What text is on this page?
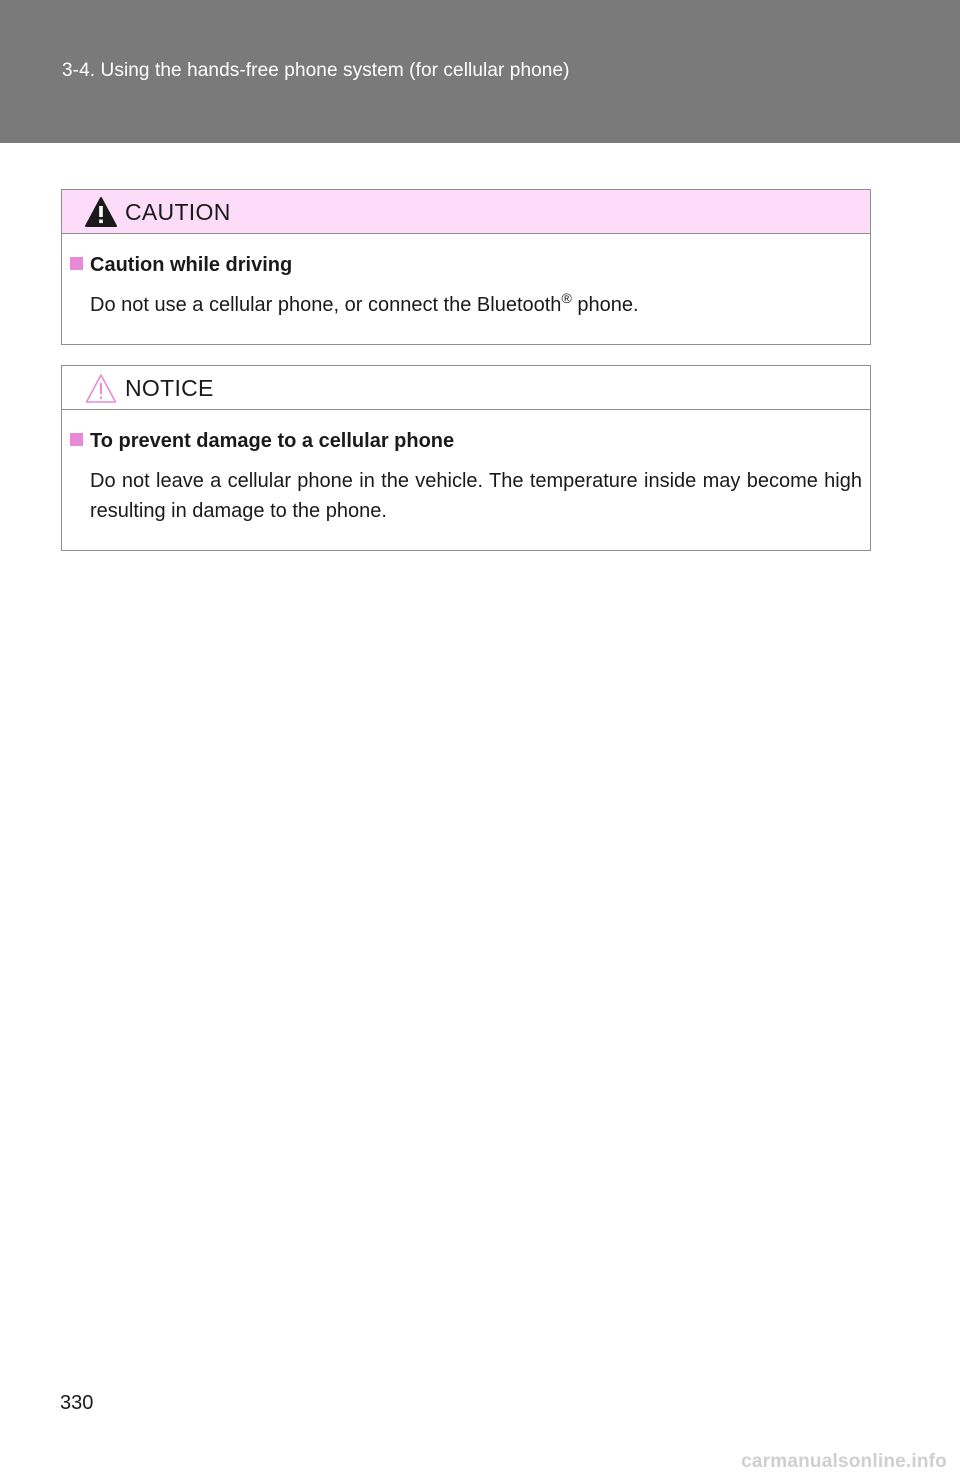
3-4. Using the hands-free phone system (for cellular phone)
CAUTION
Caution while driving
Do not use a cellular phone, or connect the Bluetooth® phone.
NOTICE
To prevent damage to a cellular phone
Do not leave a cellular phone in the vehicle. The temperature inside may become high resulting in damage to the phone.
330
carmanualsonline.info
